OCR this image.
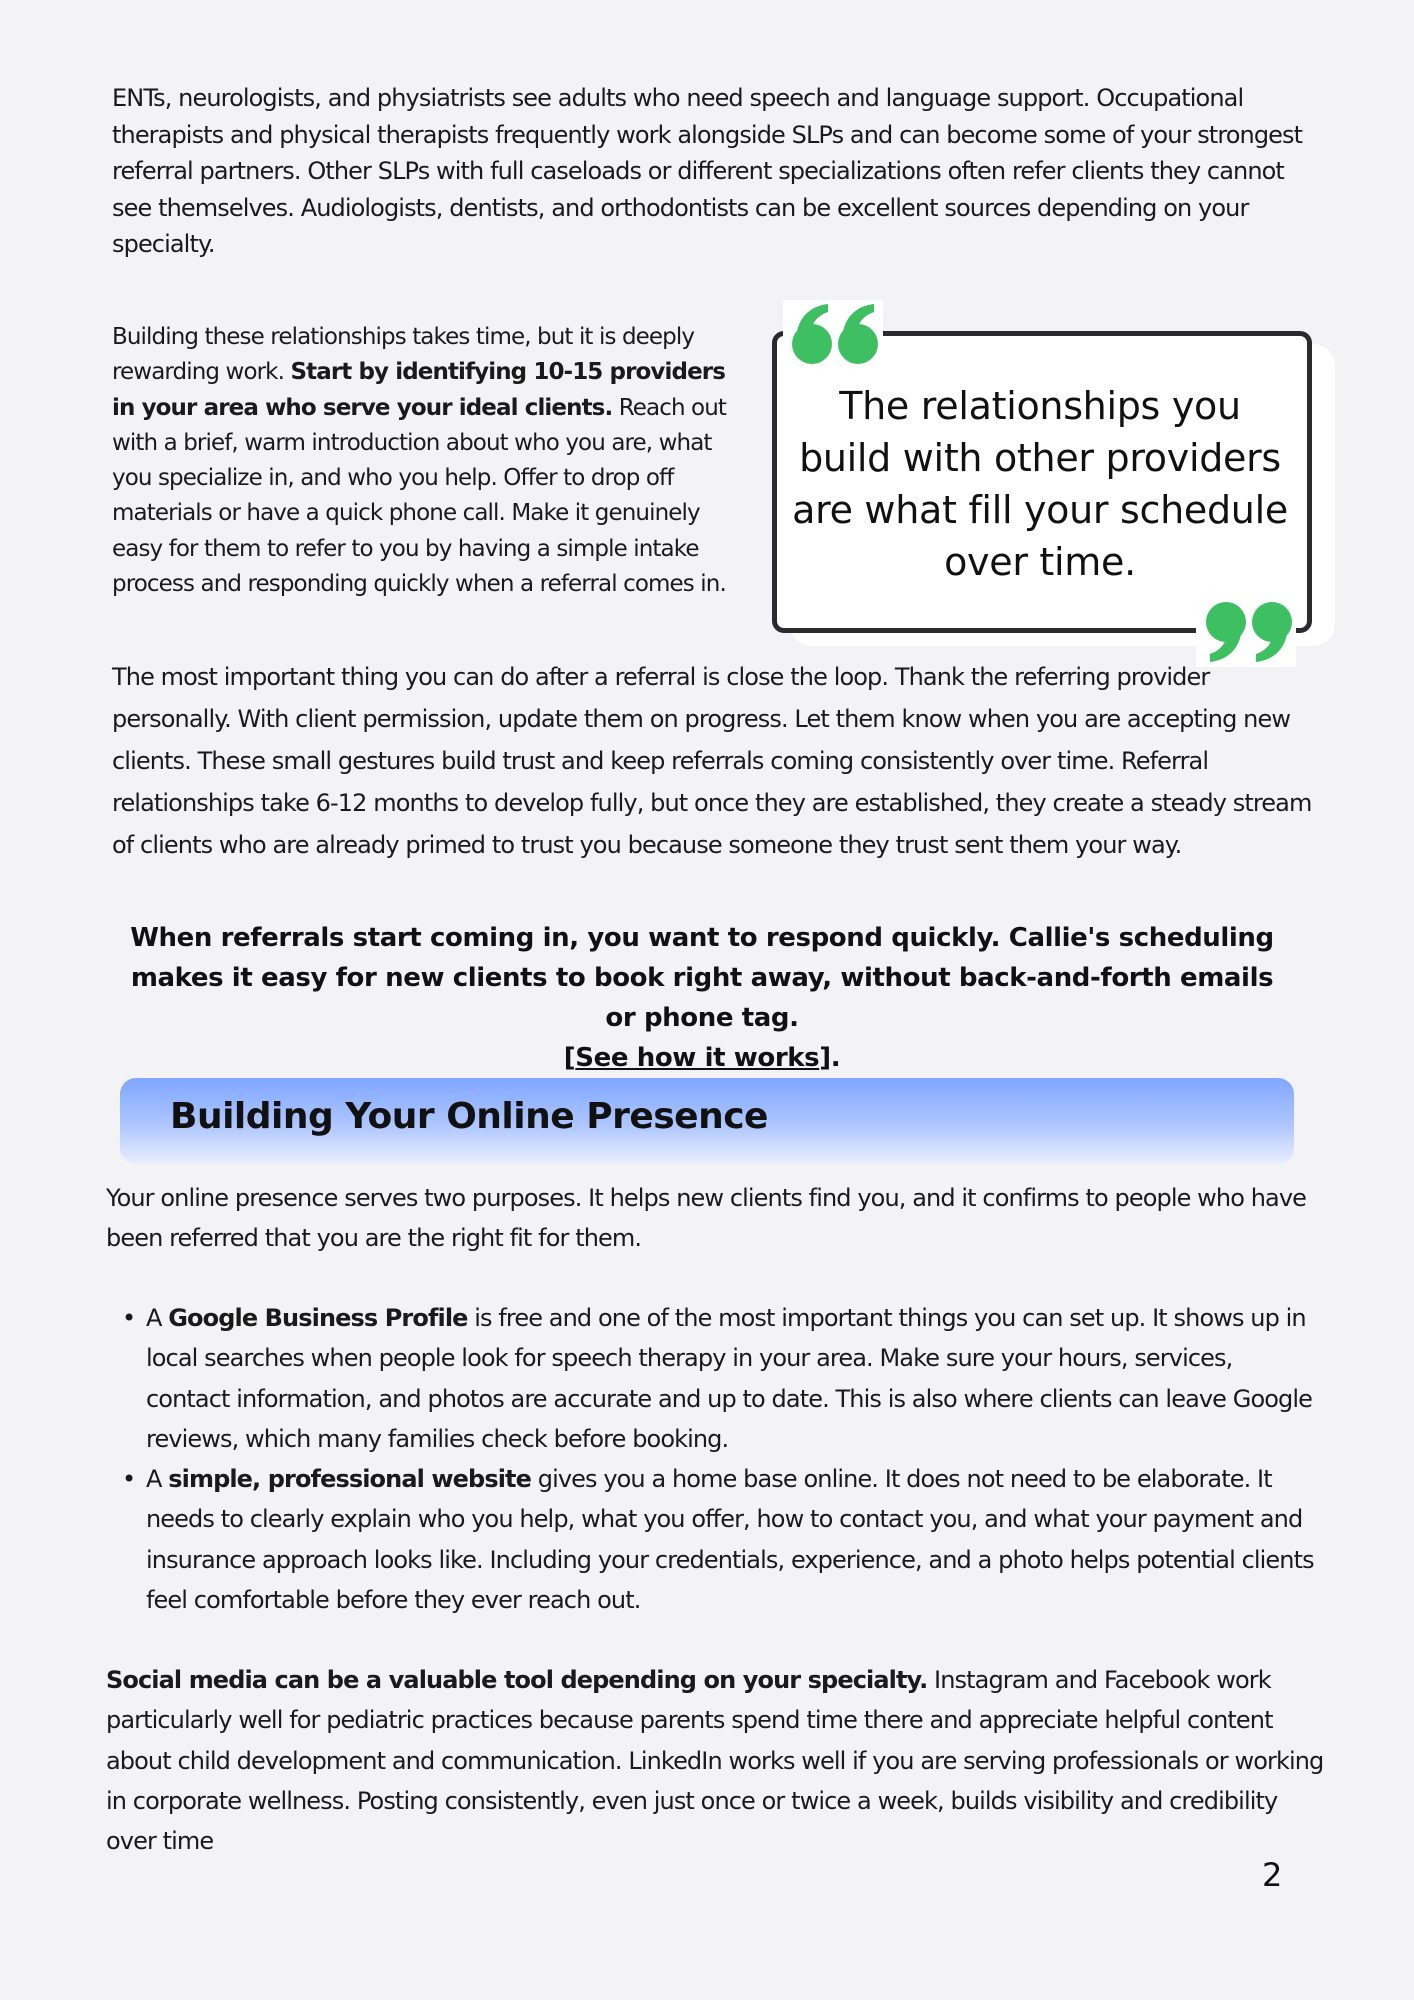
ENTs, neurologists, and physiatrists see adults who need speech and language support. Occupational therapists and physical therapists frequently work alongside SLPs and can become some of your strongest referral partners. Other SLPs with full caseloads or different specializations often refer clients they cannot see themselves. Audiologists, dentists, and orthodontists can be excellent sources depending on your specialty.

Building these relationships takes time, but it is deeply rewarding work. Start by identifying 10-15 providers in your area who serve your ideal clients. Reach out with a brief, warm introduction about who you are, what you specialize in, and who you help. Offer to drop off materials or have a quick phone call. Make it genuinely easy for them to refer to you by having a simple intake process and responding quickly when a referral comes in.

The relationships you build with other providers are what fill your schedule over time.

The most important thing you can do after a referral is close the loop. Thank the referring provider personally. With client permission, update them on progress. Let them know when you are accepting new clients. These small gestures build trust and keep referrals coming consistently over time. Referral relationships take 6-12 months to develop fully, but once they are established, they create a steady stream of clients who are already primed to trust you because someone they trust sent them your way.

When referrals start coming in, you want to respond quickly. Callie's scheduling makes it easy for new clients to book right away, without back-and-forth emails or phone tag.
[See how it works].

Building Your Online Presence

Your online presence serves two purposes. It helps new clients find you, and it confirms to people who have been referred that you are the right fit for them.

• A Google Business Profile is free and one of the most important things you can set up. It shows up in local searches when people look for speech therapy in your area. Make sure your hours, services, contact information, and photos are accurate and up to date. This is also where clients can leave Google reviews, which many families check before booking.
• A simple, professional website gives you a home base online. It does not need to be elaborate. It needs to clearly explain who you help, what you offer, how to contact you, and what your payment and insurance approach looks like. Including your credentials, experience, and a photo helps potential clients feel comfortable before they ever reach out.

Social media can be a valuable tool depending on your specialty. Instagram and Facebook work particularly well for pediatric practices because parents spend time there and appreciate helpful content about child development and communication. LinkedIn works well if you are serving professionals or working in corporate wellness. Posting consistently, even just once or twice a week, builds visibility and credibility over time

2
